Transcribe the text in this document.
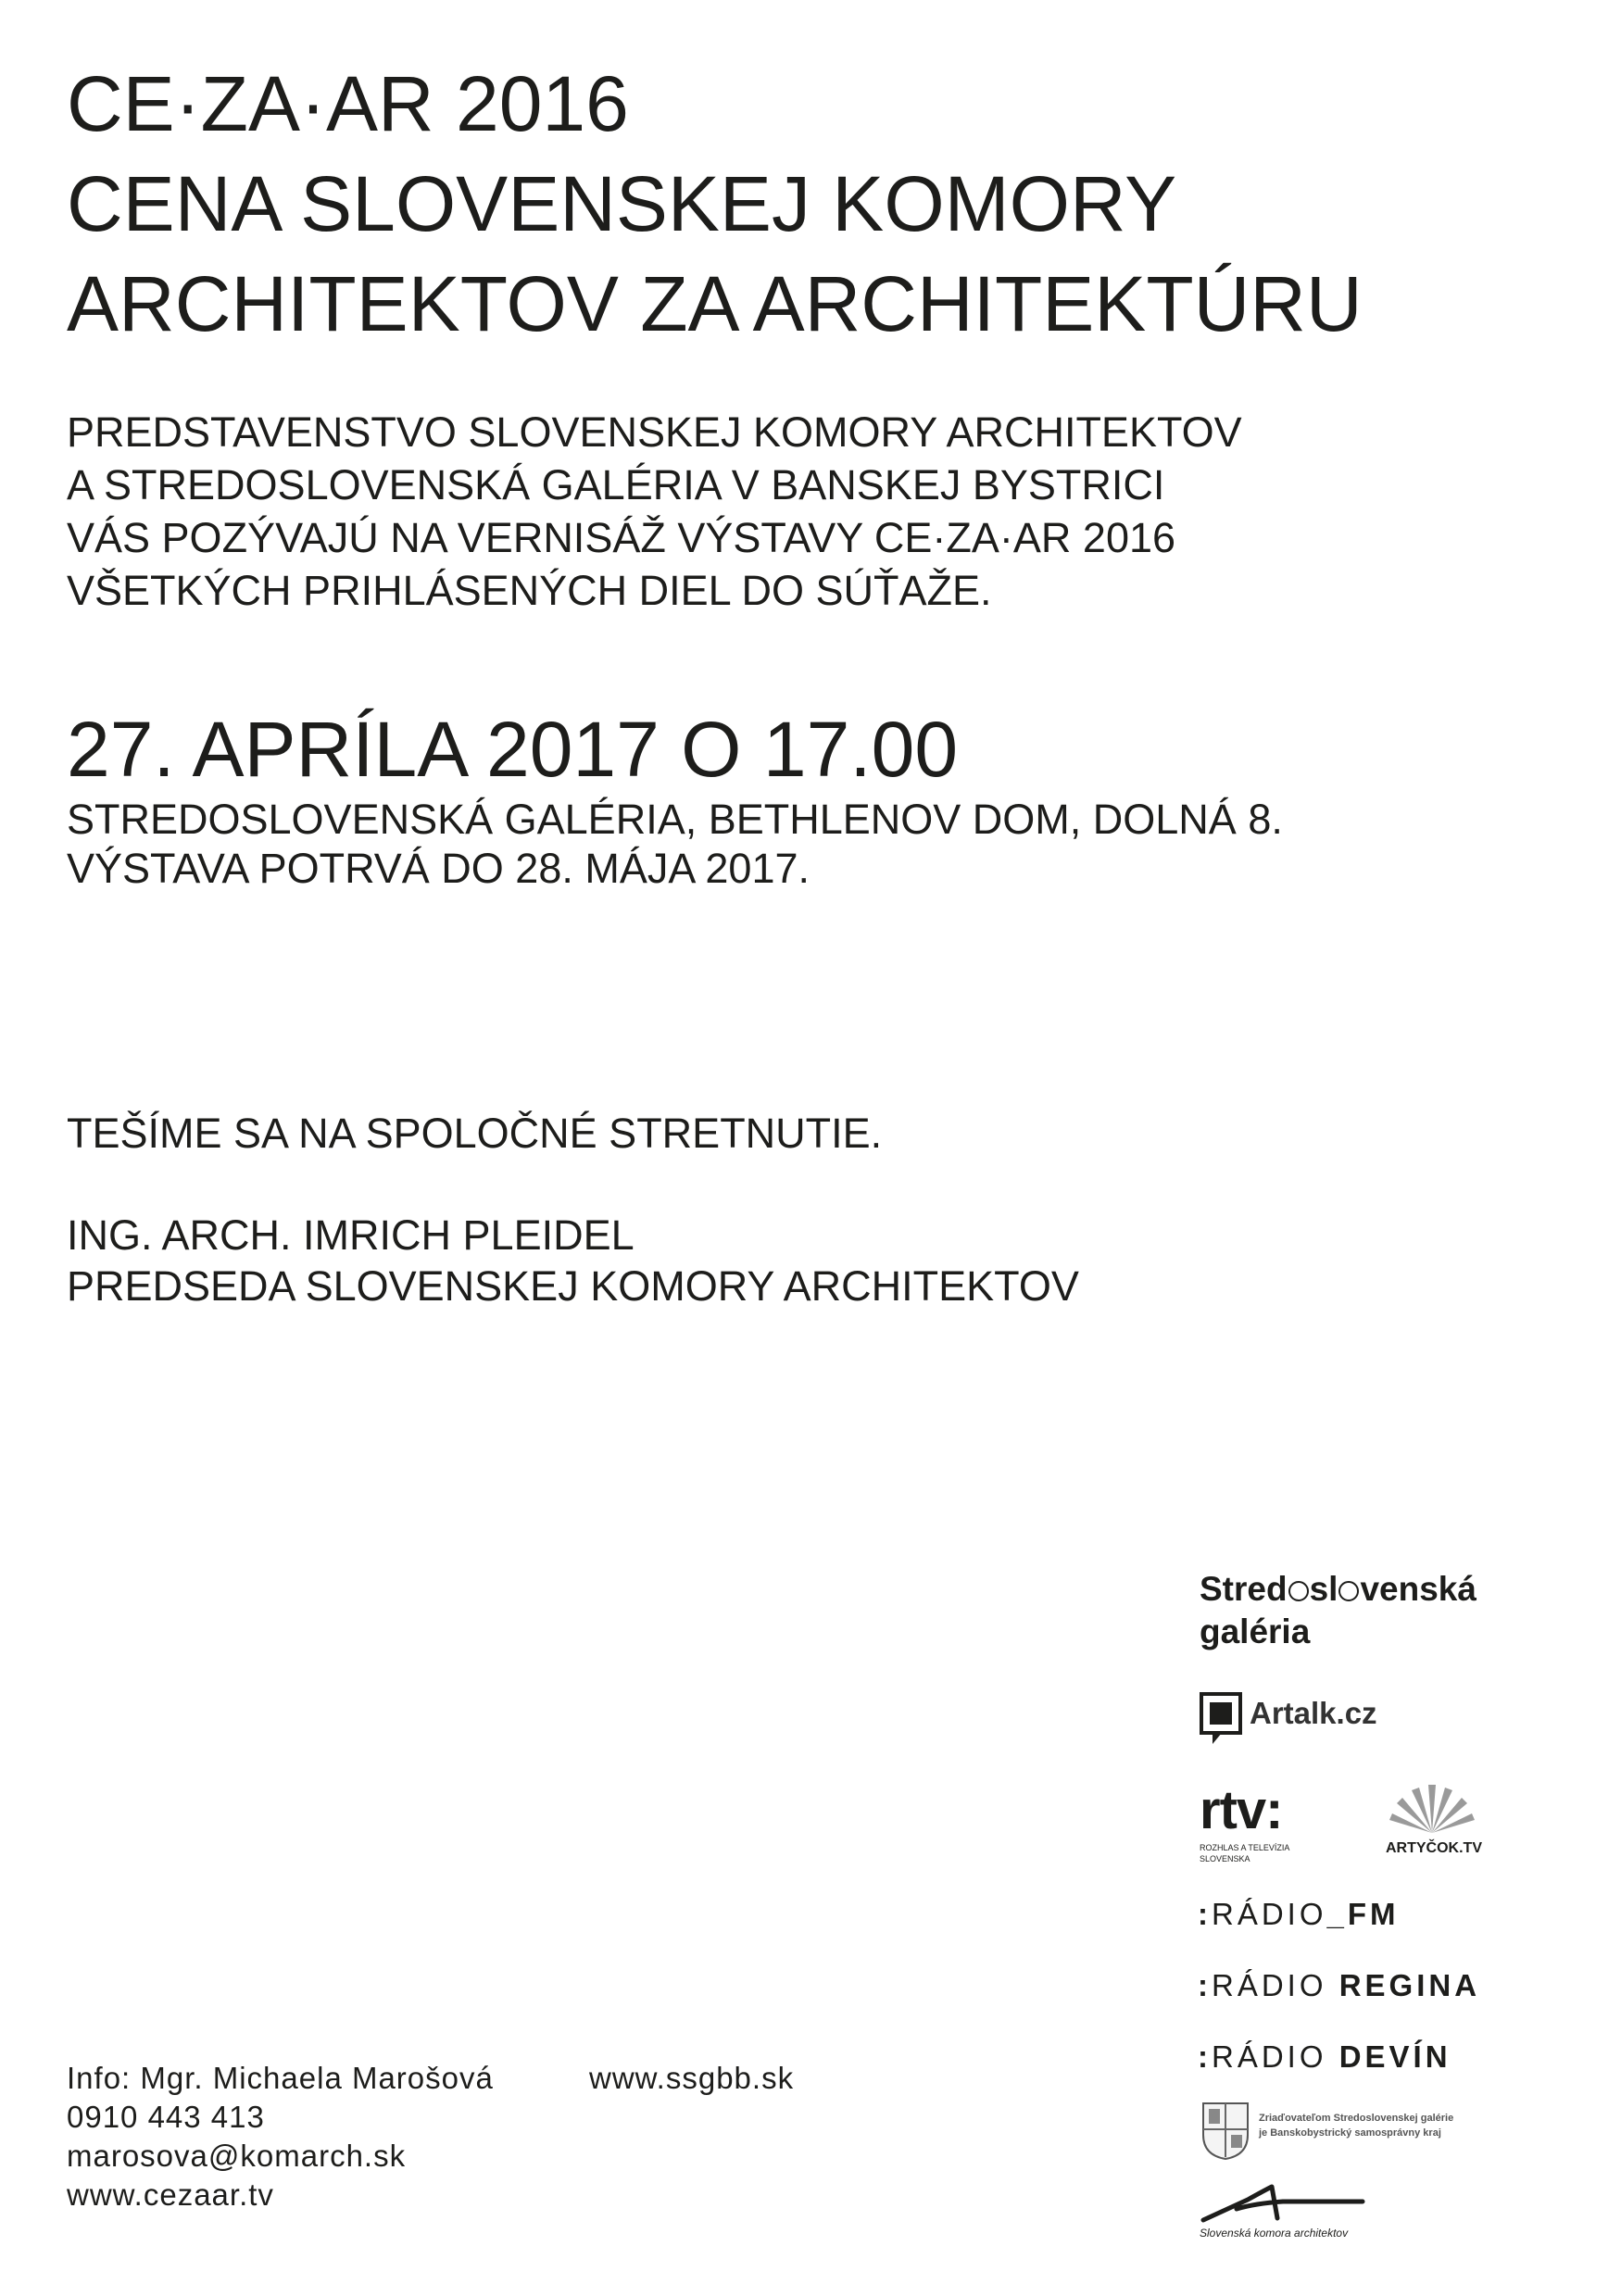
CE·ZA·AR 2016
CENA SLOVENSKEJ KOMORY
ARCHITEKTOV ZA ARCHITEKTÚRU
PREDSTAVENSTVO SLOVENSKEJ KOMORY ARCHITEKTOV
A STREDOSLOVENSKÁ GALÉRIA V BANSKEJ BYSTRICI
VÁS POZÝVAJÚ NA VERNISÁŽ VÝSTAVY CE·ZA·AR 2016
VŠETKÝCH PRIHLÁSENÝCH DIEL DO SÚŤAŽE.
27. APRÍLA 2017 O 17.00
STREDOSLOVENSKÁ GALÉRIA, BETHLENOV DOM, DOLNÁ 8.
VÝSTAVA POTRVÁ DO 28. MÁJA 2017.
TEŠÍME SA NA SPOLOČNÉ STRETNUTIE.
ING. ARCH. IMRICH PLEIDEL
PREDSEDA SLOVENSKEJ KOMORY ARCHITEKTOV
Info: Mgr. Michaela Marošová
0910 443 413
marosova@komarch.sk
www.cezaar.tv
www.ssgbb.sk
Stred sl venská
galéria
Artalk.cz
rtv:
ROZHLAS A TELEVÍZIA
SLOVENSKA
ARTYČOK.TV
:RÁDIO_FM
:RÁDIO REGINA
:RÁDIO DEVÍN
Zriaďovateľom Stredoslovenskej galérie
je Banskobystrický samosprávny kraj
Slovenská komora architektov
